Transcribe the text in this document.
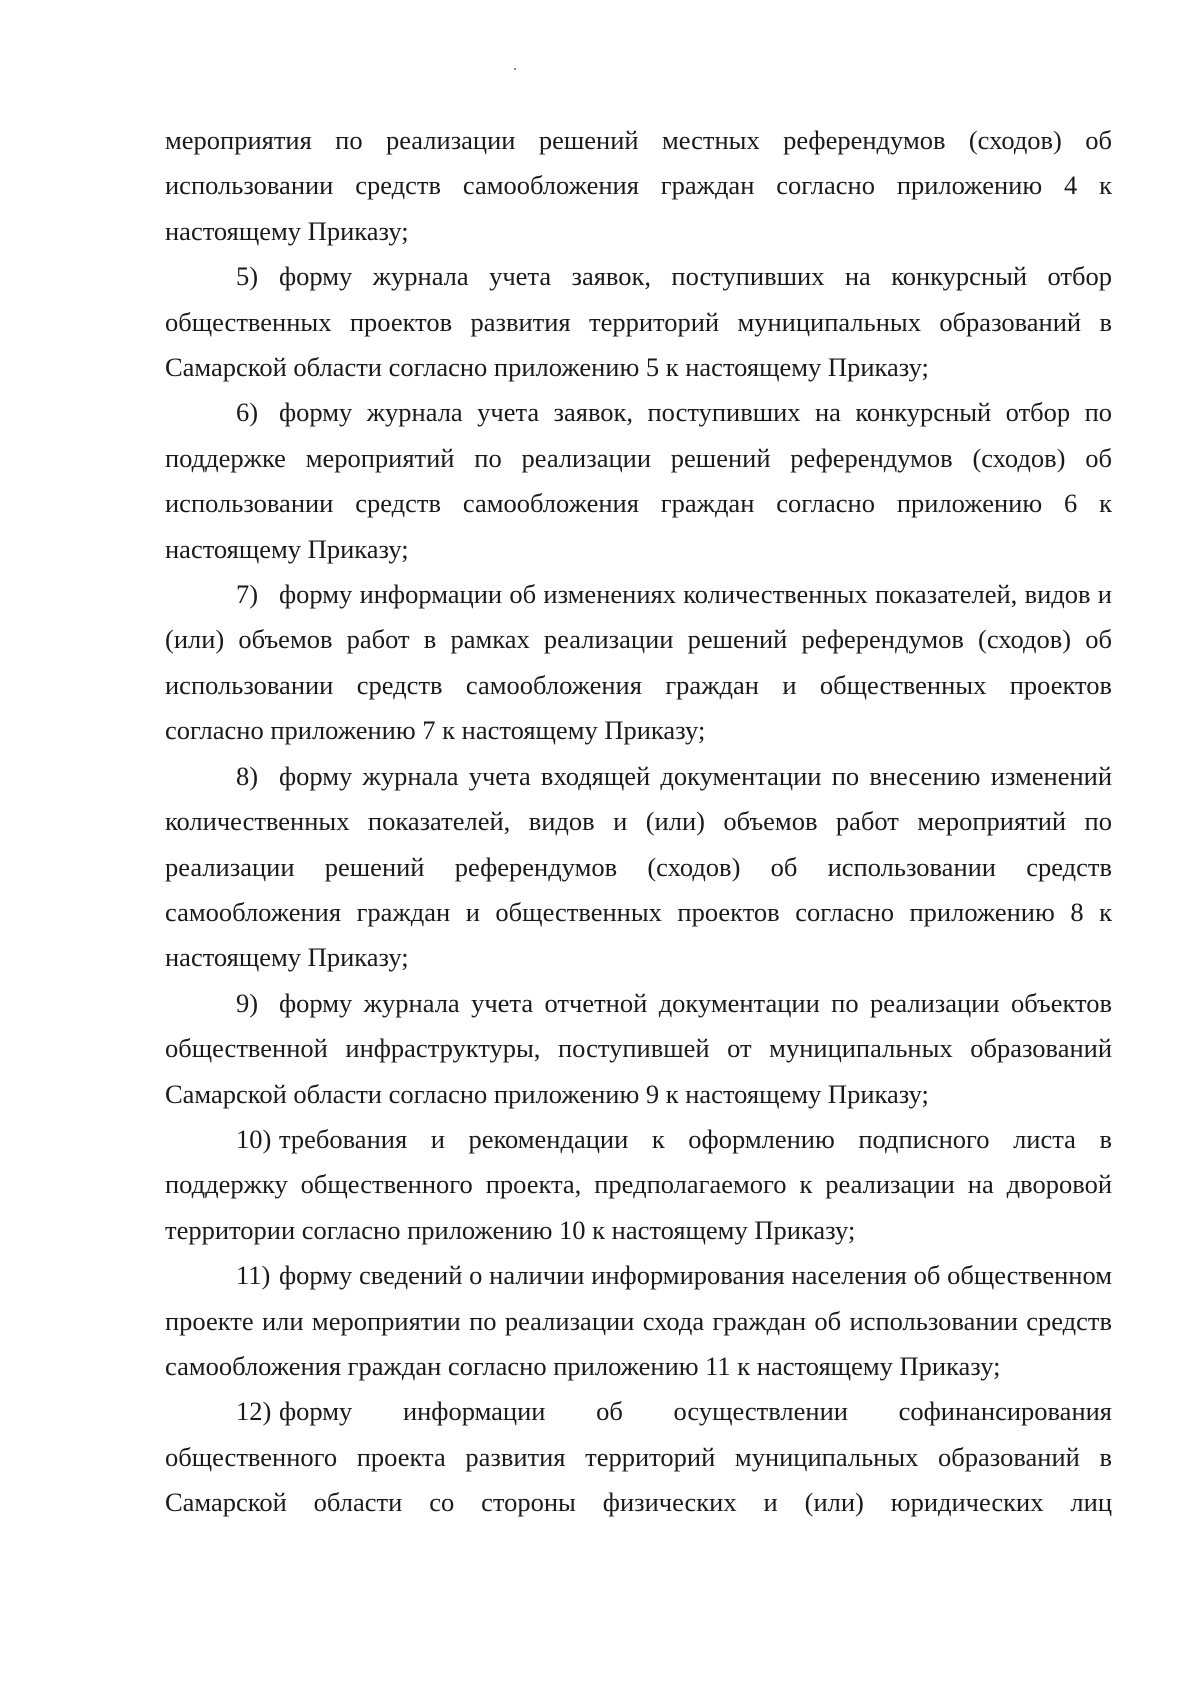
мероприятия по реализации решений местных референдумов (сходов) об использовании средств самообложения граждан согласно приложению 4 к настоящему Приказу;

5) форму журнала учета заявок, поступивших на конкурсный отбор общественных проектов развития территорий муниципальных образований в Самарской области согласно приложению 5 к настоящему Приказу;

6) форму журнала учета заявок, поступивших на конкурсный отбор по поддержке мероприятий по реализации решений референдумов (сходов) об использовании средств самообложения граждан согласно приложению 6 к настоящему Приказу;

7) форму информации об изменениях количественных показателей, видов и (или) объемов работ в рамках реализации решений референдумов (сходов) об использовании средств самообложения граждан и общественных проектов согласно приложению 7 к настоящему Приказу;

8) форму журнала учета входящей документации по внесению изменений количественных показателей, видов и (или) объемов работ мероприятий по реализации решений референдумов (сходов) об использовании средств самообложения граждан и общественных проектов согласно приложению 8 к настоящему Приказу;

9) форму журнала учета отчетной документации по реализации объектов общественной инфраструктуры, поступившей от муниципальных образований Самарской области согласно приложению 9 к настоящему Приказу;

10) требования и рекомендации к оформлению подписного листа в поддержку общественного проекта, предполагаемого к реализации на дворовой территории согласно приложению 10 к настоящему Приказу;

11) форму сведений о наличии информирования населения об общественном проекте или мероприятии по реализации схода граждан об использовании средств самообложения граждан согласно приложению 11 к настоящему Приказу;

12) форму информации об осуществлении софинансирования общественного проекта развития территорий муниципальных образований в Самарской области со стороны физических и (или) юридических лиц
